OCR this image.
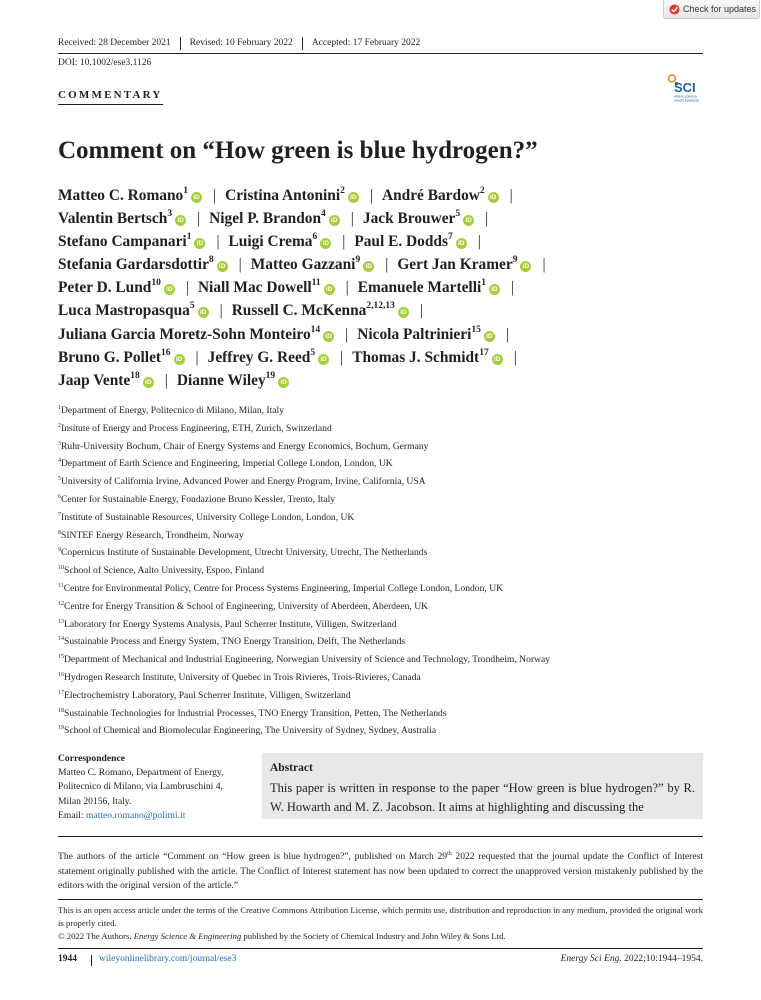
Check for updates
Received: 28 December 2021	Revised: 10 February 2022	Accepted: 17 February 2022
DOI: 10.1002/ese3.1126
COMMENTARY	SCI
where science
meets business
Comment on “How green is blue hydrogen?”
Matteo C. Romano$^1$iD | Cristina Antonini$^2$iD | André Bardow$^2$iD |
Valentin Bertsch$^3$iD | Nigel P. Brandon$^4$iD | Jack Brouwer$^5$iD |
Stefano Campanari$^1$iD | Luigi Crema$^6$iD | Paul E. Dodds$^7$iD |
Stefania Gardarsdottir$^8$iD | Matteo Gazzani$^9$iD | Gert Jan Kramer$^9$iD |
Peter D. Lund$^{10}$iD | Niall Mac Dowell$^{11}$iD | Emanuele Martelli$^1$iD |
Luca Mastropasqua$^5$iD | Russell C. McKenna$^{2,12,13}$iD |
Juliana Garcia Moretz-Sohn Monteiro$^{14}$iD | Nicola Paltrinieri$^{15}$iD |
Bruno G. Pollet$^{16}$iD | Jeffrey G. Reed$^5$iD | Thomas J. Schmidt$^{17}$iD |
Jaap Vente$^{18}$iD | Dianne Wiley$^{19}$iD
$^1$Department of Energy, Politecnico di Milano, Milan, Italy
$^2$Insitute of Energy and Process Engineering, ETH, Zurich, Switzerland
$^3$Ruhr-University Bochum, Chair of Energy Systems and Energy Economics, Bochum, Germany
$^4$Department of Earth Science and Engineering, Imperial College London, London, UK
$^5$University of California Irvine, Advanced Power and Energy Program, Irvine, California, USA
$^6$Center for Sustainable Energy, Fondazione Bruno Kessler, Trento, Italy
$^7$Institute of Sustainable Resources, University College London, London, UK
$^8$SINTEF Energy Research, Trondheim, Norway
$^9$Copernicus Institute of Sustainable Development, Utrecht University, Utrecht, The Netherlands
$^{10}$School of Science, Aalto University, Espoo, Finland
$^{11}$Centre for Environmental Policy, Centre for Process Systems Engineering, Imperial College London, London, UK
$^{12}$Centre for Energy Transition & School of Engineering, University of Aberdeen, Aberdeen, UK
$^{13}$Laboratory for Energy Systems Analysis, Paul Scherrer Institute, Villigen, Switzerland
$^{14}$Sustainable Process and Energy System, TNO Energy Transition, Delft, The Netherlands
$^{15}$Department of Mechanical and Industrial Engineering, Norwegian University of Science and Technology, Trondheim, Norway
$^{16}$Hydrogen Research Institute, University of Quebec in Trois Rivieres, Trois-Rivieres, Canada
$^{17}$Electrochemistry Laboratory, Paul Scherrer Institute, Villigen, Switzerland
$^{18}$Sustainable Technologies for Industrial Processes, TNO Energy Transition, Petten, The Netherlands
$^{19}$School of Chemical and Biomolecular Engineering, The University of Sydney, Sydney, Australia
Correspondence
Matteo C. Romano, Department of Energy,
Politecnico di Milano, via Lambruschini 4,
Milan 20156, Italy.
Email: matteo.romano@polimi.it
Abstract
This paper is written in response to the paper “How green is blue hydrogen?” by R. W. Howarth and M. Z. Jacobson. It aims at highlighting and discussing the
The authors of the article “Comment on “How green is blue hydrogen?”, published on March 29th 2022 requested that the journal update the Conflict of Interest statement originally published with the article. The Conflict of Interest statement has now been updated to correct the unapproved version mistakenly published by the editors with the original version of the article.”
This is an open access article under the terms of the Creative Commons Attribution License, which permits use, distribution and reproduction in any medium, provided the original work is properly cited.
© 2022 The Authors. Energy Science & Engineering published by the Society of Chemical Industry and John Wiley & Sons Ltd.
1944 wileyonlinelibrary.com/journal/ese3	Energy Sci Eng. 2022;10:1944–1954.
